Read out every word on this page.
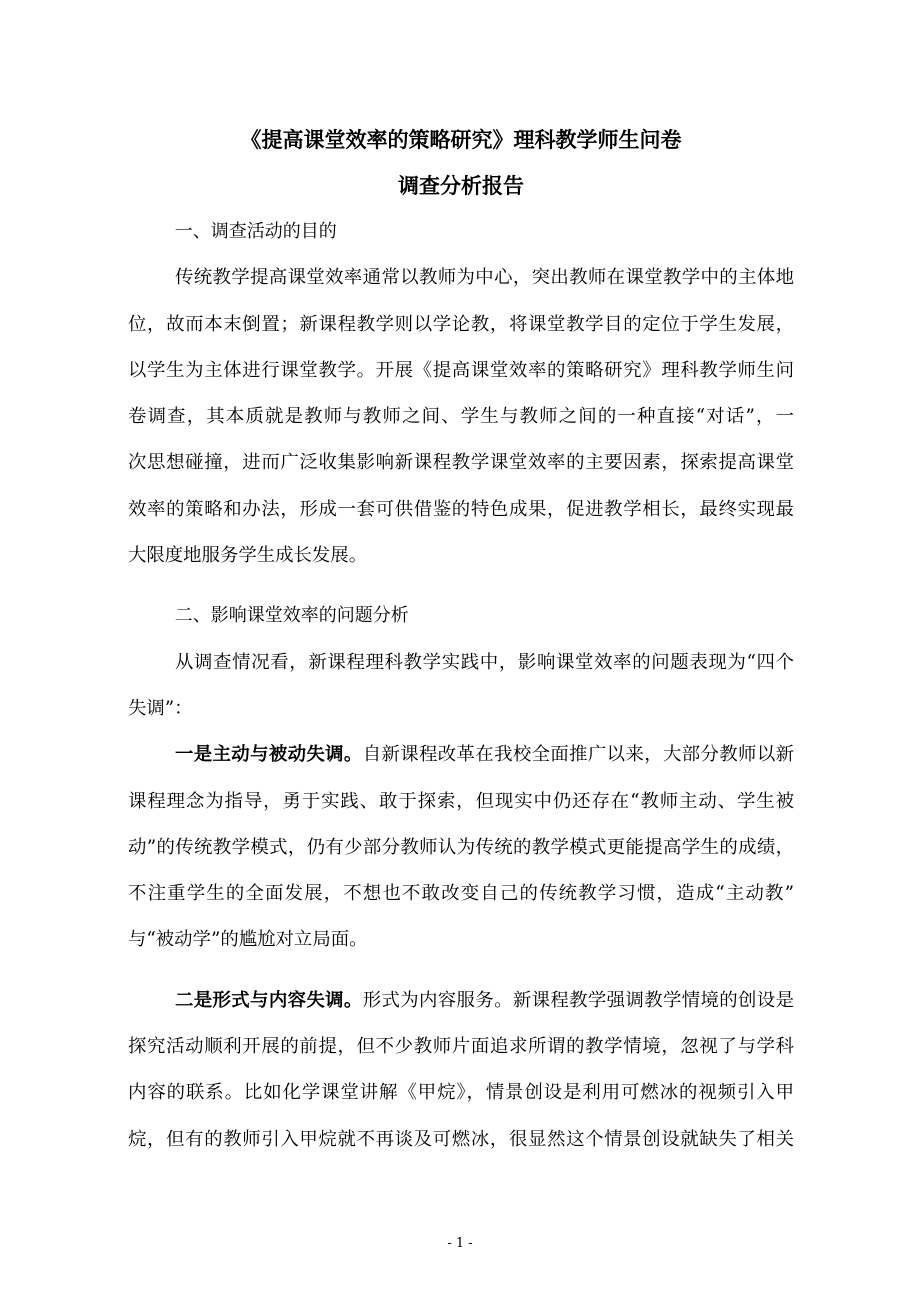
《提高课堂效率的策略研究》理科教学师生问卷
调查分析报告
一、调查活动的目的
传统教学提高课堂效率通常以教师为中心，突出教师在课堂教学中的主体地
位，故而本末倒置；新课程教学则以学论教，将课堂教学目的定位于学生发展，
以学生为主体进行课堂教学。开展《提高课堂效率的策略研究》理科教学师生问
卷调查，其本质就是教师与教师之间、学生与教师之间的一种直接“对话”，一
次思想碰撞，进而广泛收集影响新课程教学课堂效率的主要因素，探索提高课堂
效率的策略和办法，形成一套可供借鉴的特色成果，促进教学相长，最终实现最
大限度地服务学生成长发展。
二、影响课堂效率的问题分析
从调查情况看，新课程理科教学实践中，影响课堂效率的问题表现为“四个
失调”：
一是主动与被动失调。自新课程改革在我校全面推广以来，大部分教师以新
课程理念为指导，勇于实践、敢于探索，但现实中仍还存在“教师主动、学生被
动”的传统教学模式，仍有少部分教师认为传统的教学模式更能提高学生的成绩，
不注重学生的全面发展，不想也不敢改变自己的传统教学习惯，造成“主动教”
与“被动学”的尴尬对立局面。
二是形式与内容失调。形式为内容服务。新课程教学强调教学情境的创设是
探究活动顺利开展的前提，但不少教师片面追求所谓的教学情境，忽视了与学科
内容的联系。比如化学课堂讲解《甲烷》，情景创设是利用可燃冰的视频引入甲
烷，但有的教师引入甲烷就不再谈及可燃冰，很显然这个情景创设就缺失了相关
- 1 -
